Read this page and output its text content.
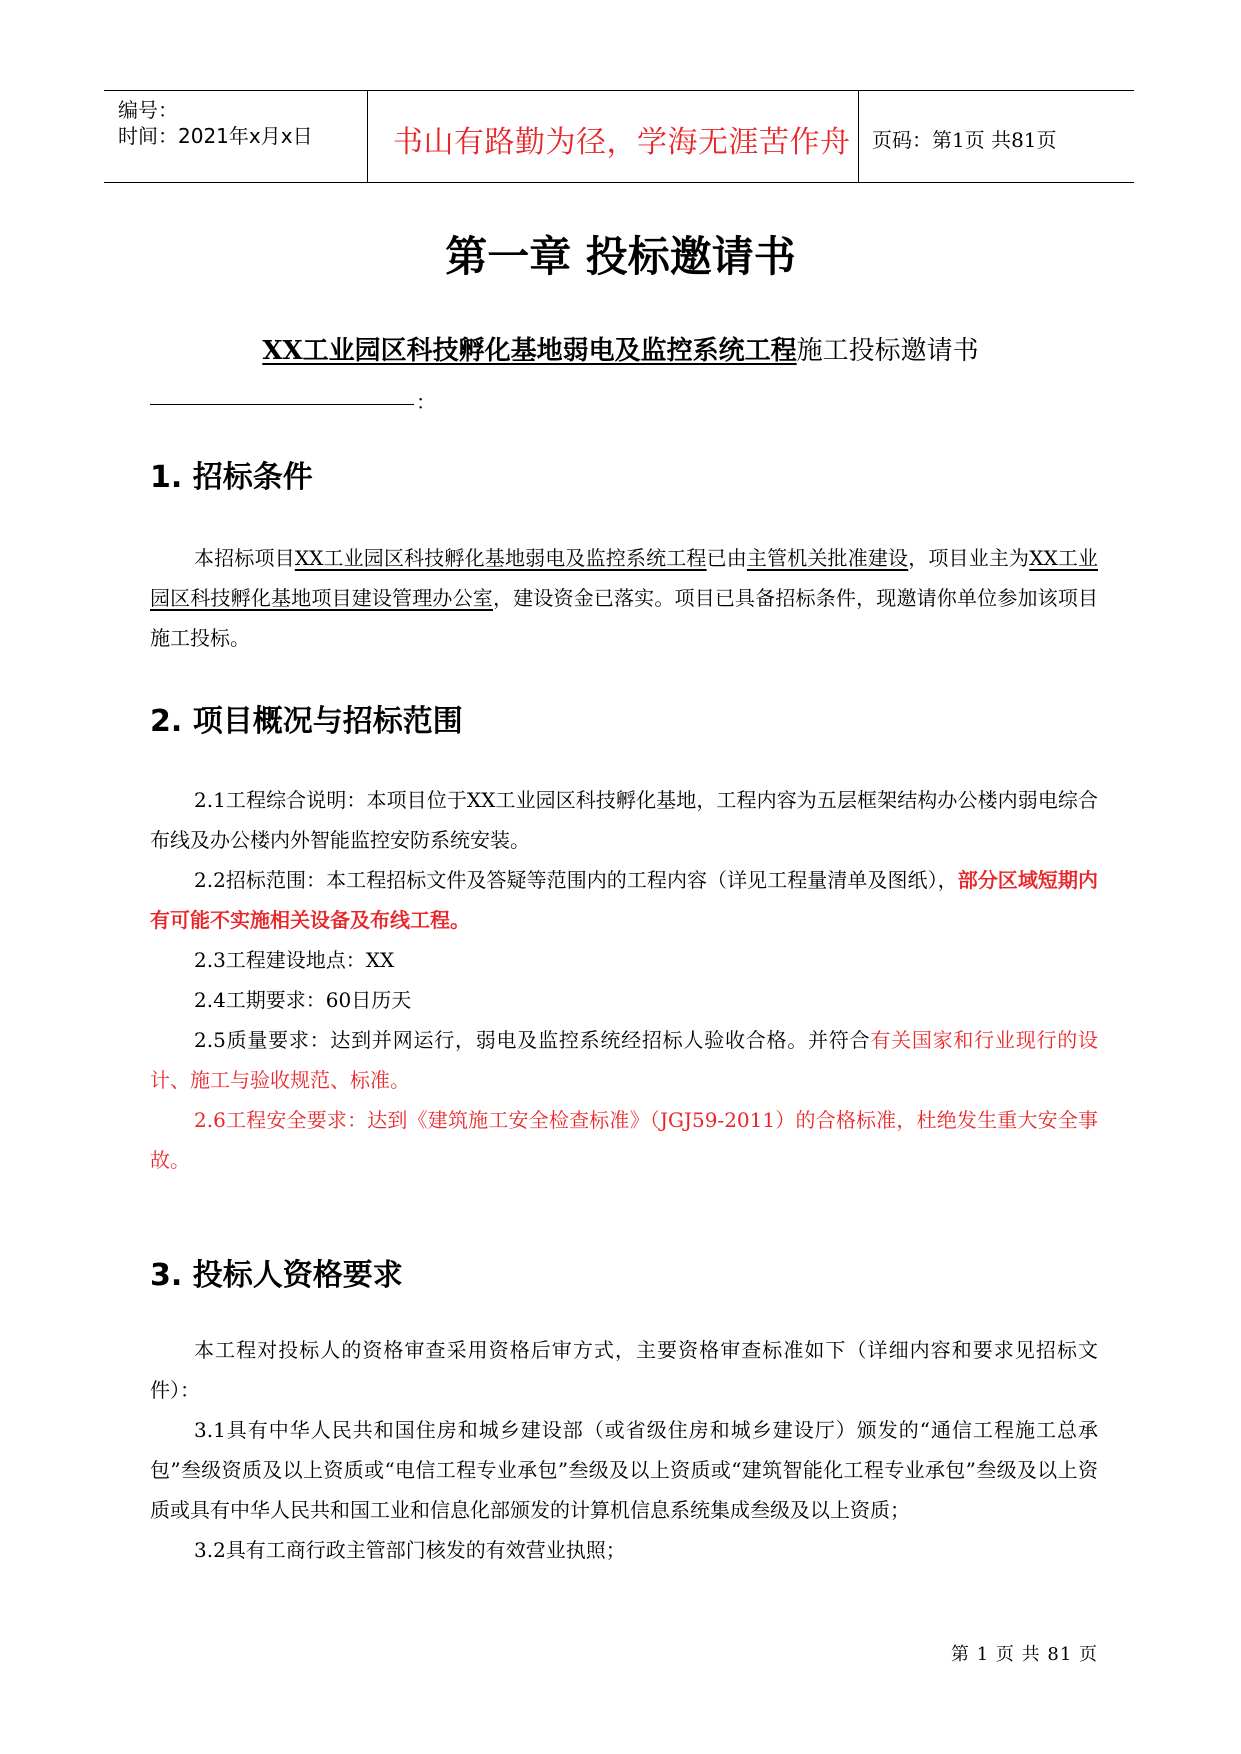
编号：
时间：2021年x月x日	书山有路勤为径，学海无涯苦作舟 页码：第1页 共81页
第一章 投标邀请书
XX工业园区科技孵化基地弱电及监控系统工程施工投标邀请书
：
1. 招标条件

本招标项目XX工业园区科技孵化基地弱电及监控系统工程已由主管机关批准建设，项目业主为XX工业园区科技孵化基地项目建设管理办公室，建设资金已落实。项目已具备招标条件，现邀请你单位参加该项目施工投标。

2. 项目概况与招标范围

2.1工程综合说明：本项目位于XX工业园区科技孵化基地，工程内容为五层框架结构办公楼内弱电综合布线及办公楼内外智能监控安防系统安装。

2.2招标范围：本工程招标文件及答疑等范围内的工程内容（详见工程量清单及图纸），部分区域短期内有可能不实施相关设备及布线工程。

2.3工程建设地点：XX

2.4工期要求：60日历天

2.5质量要求：达到并网运行，弱电及监控系统经招标人验收合格。并符合有关国家和行业现行的设计、施工与验收规范、标准。

2.6工程安全要求：达到《建筑施工安全检查标准》（JGJ59-2011）的合格标准，杜绝发生重大安全事故。

3. 投标人资格要求

本工程对投标人的资格审查采用资格后审方式，主要资格审查标准如下（详细内容和要求见招标文件）：

3.1具有中华人民共和国住房和城乡建设部（或省级住房和城乡建设厅）颁发的“通信工程施工总承包”叁级资质及以上资质或“电信工程专业承包”叁级及以上资质或“建筑智能化工程专业承包”叁级及以上资质或具有中华人民共和国工业和信息化部颁发的计算机信息系统集成叁级及以上资质；

3.2具有工商行政主管部门核发的有效营业执照；

第 1 页 共 81 页
